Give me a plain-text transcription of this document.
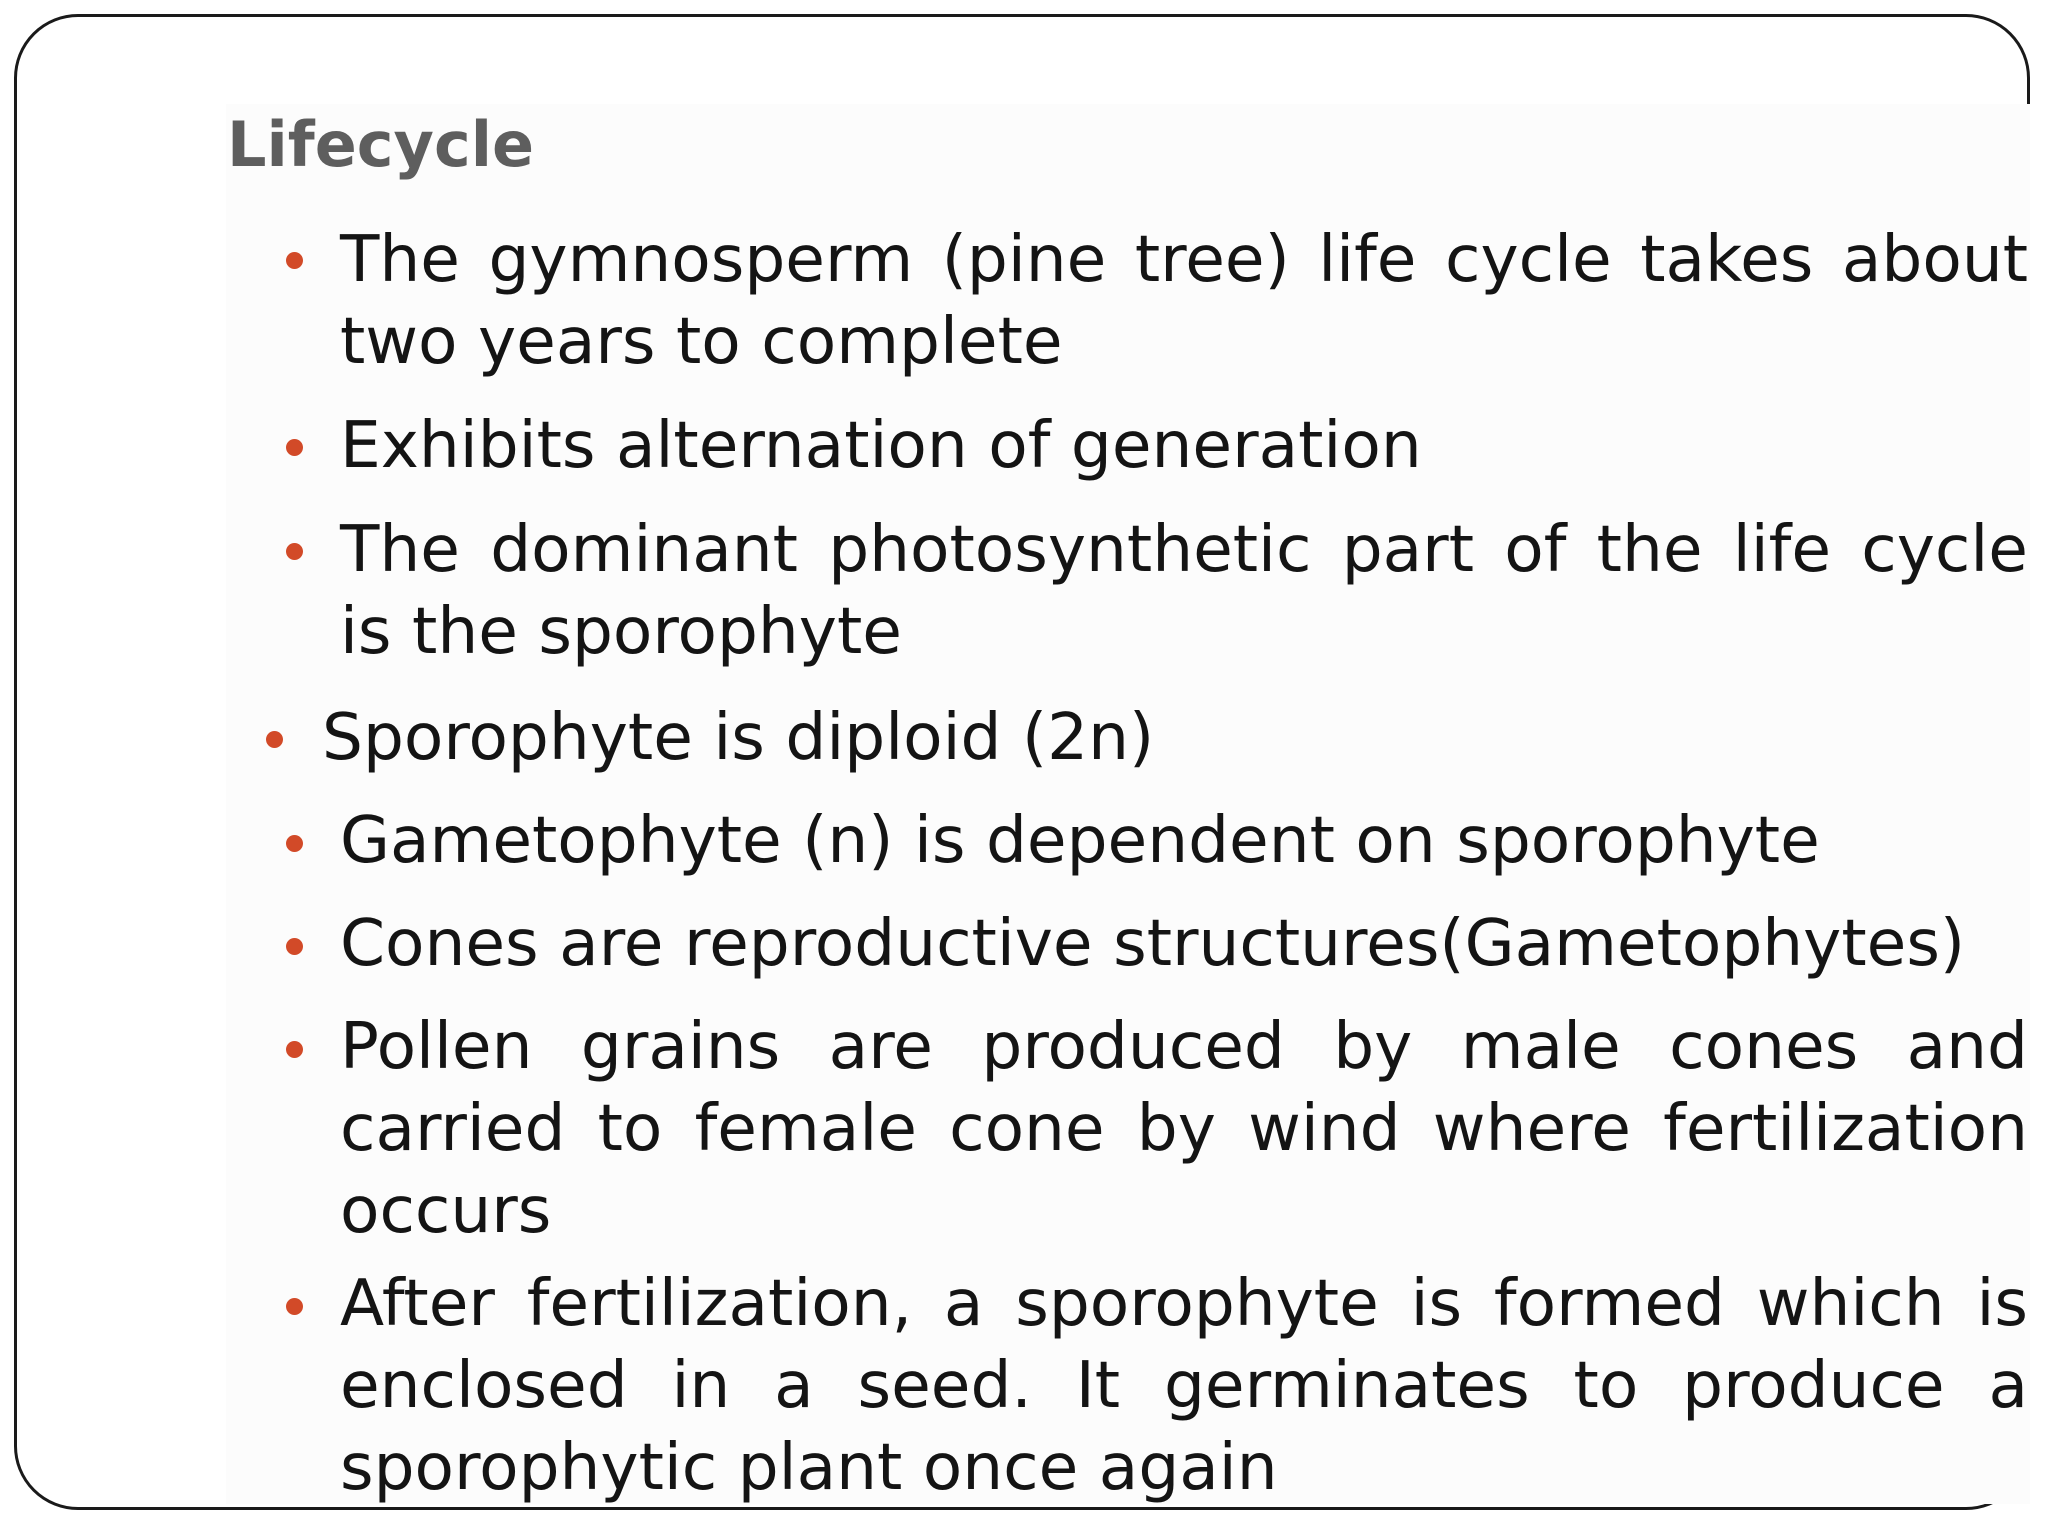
Lifecycle

The gymnosperm (pine tree) life cycle takes about two years to complete

Exhibits alternation of generation

The dominant photosynthetic part of the life cycle is the sporophyte

Sporophyte is diploid (2n)

Gametophyte (n) is dependent on sporophyte

Cones are reproductive structures(Gametophytes)

Pollen grains are produced by male cones and carried to female cone by wind where fertilization occurs

After fertilization, a sporophyte is formed which is enclosed in a seed. It germinates to produce a sporophytic plant once again
